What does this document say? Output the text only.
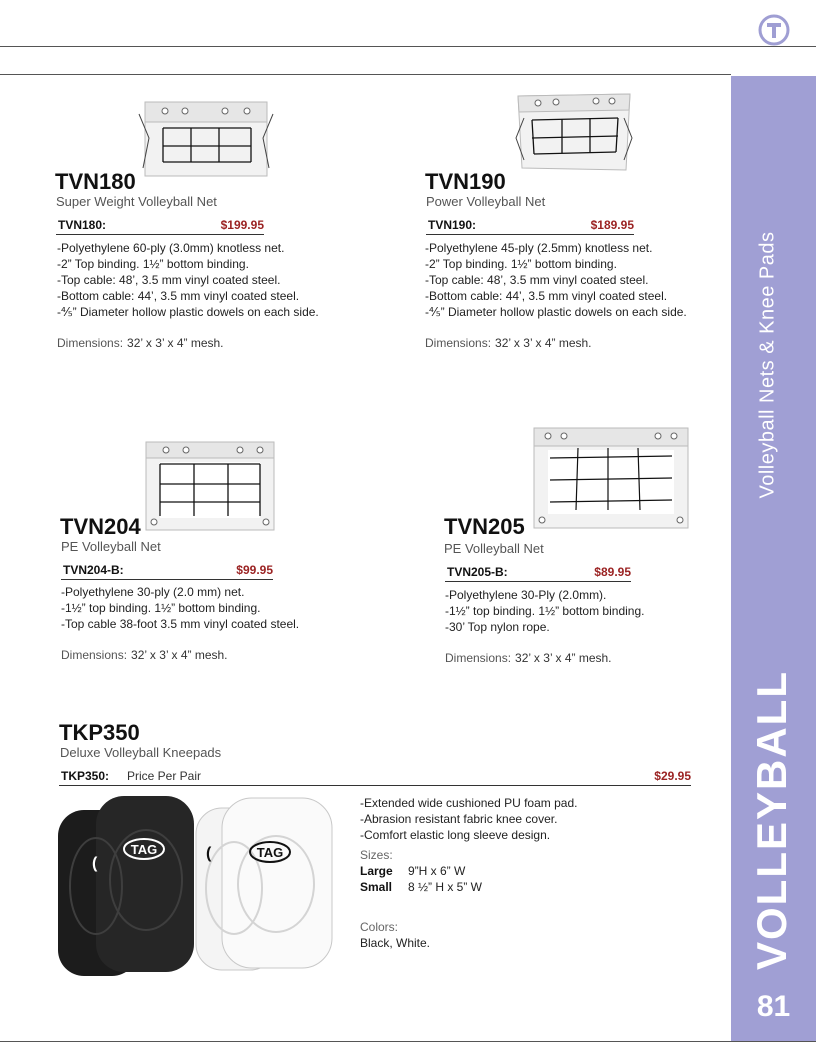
Volleyball Nets & Knee Pads
VOLLEYBALL
81
TVN180
Super Weight Volleyball Net
TVN180:	$199.95
-Polyethylene 60-ply (3.0mm) knotless net.
-2” Top binding. 1½” bottom binding.
-Top cable: 48’, 3.5 mm vinyl coated steel.
-Bottom cable: 44’, 3.5 mm vinyl coated steel.
-⅘” Diameter hollow plastic dowels on each side.
Dimensions: 32’ x 3’ x 4” mesh.
TVN190
Power Volleyball Net
TVN190:	$189.95
-Polyethylene 45-ply (2.5mm) knotless net.
-2” Top binding. 1½” bottom binding.
-Top cable: 48’, 3.5 mm vinyl coated steel.
-Bottom cable: 44’, 3.5 mm vinyl coated steel.
-⅘” Diameter hollow plastic dowels on each side.
Dimensions: 32’ x 3’ x 4” mesh.
TVN204
PE Volleyball Net
TVN204-B:	$99.95
-Polyethylene 30-ply (2.0 mm) net.
-1½” top binding. 1½” bottom binding.
-Top cable 38-foot 3.5 mm vinyl coated steel.
Dimensions: 32’ x 3’ x 4” mesh.
TVN205
PE Volleyball Net
TVN205-B:	$89.95
-Polyethylene 30-Ply (2.0mm).
-1½” top binding. 1½” bottom binding.
-30’ Top nylon rope.
Dimensions: 32’ x 3’ x 4” mesh.
TKP350
Deluxe Volleyball Kneepads
TKP350: Price Per Pair	$29.95
TAG	TAG
(
(
-Extended wide cushioned PU foam pad.
-Abrasion resistant fabric knee cover.
-Comfort elastic long sleeve design.
Sizes:
Large 9”H x 6” W
Small 8 ½” H x 5” W
Colors:
Black, White.
